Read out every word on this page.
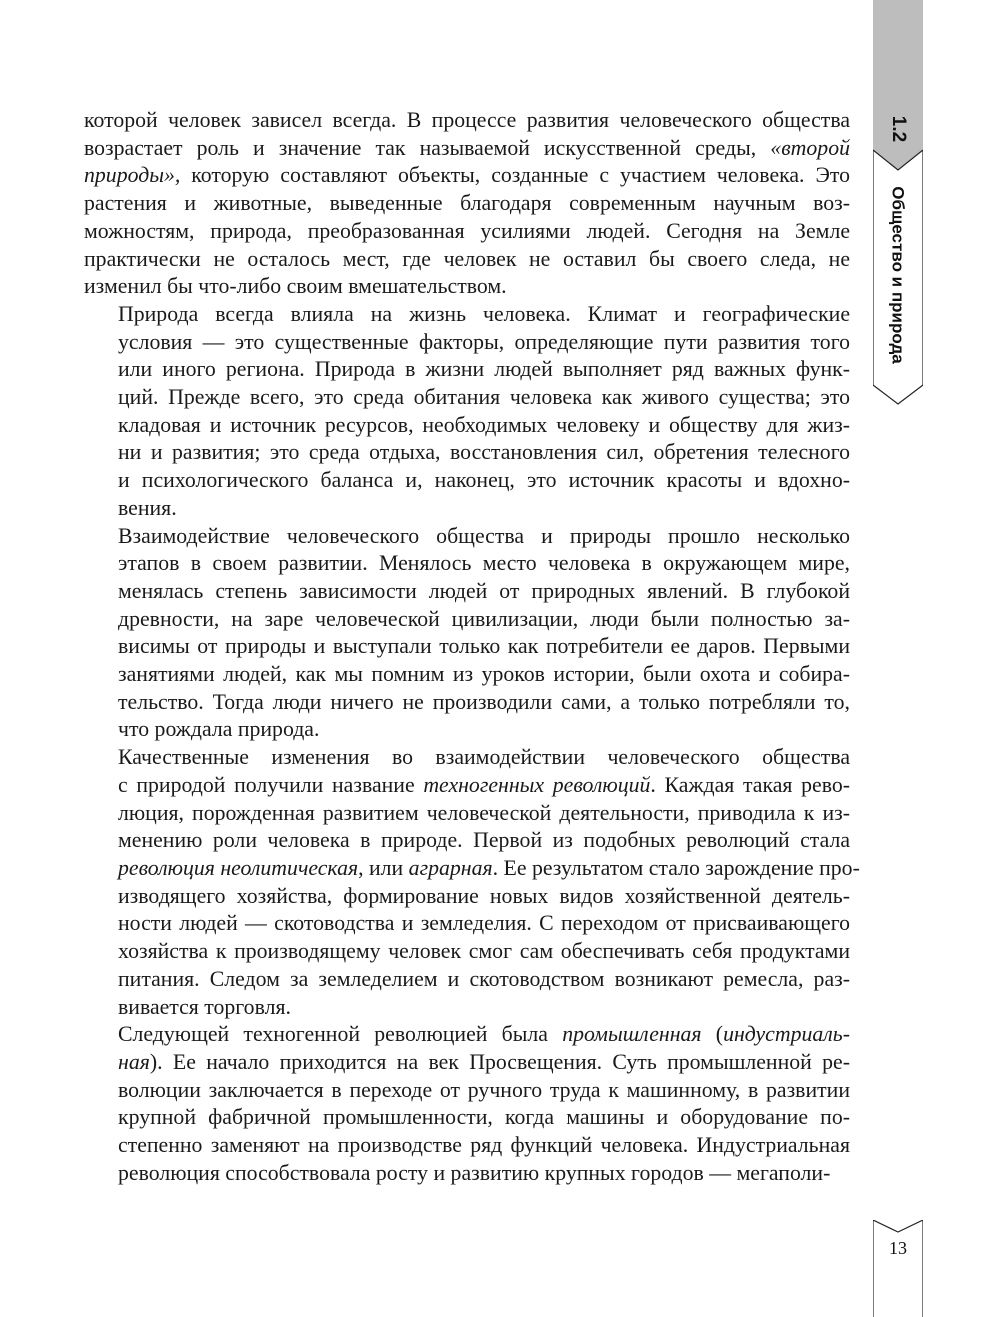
1.2
Общество и природа

которой человек зависел всегда. В процессе развития человеческого общества
возрастает роль и значение так называемой искусственной среды, «второй
природы», которую составляют объекты, созданные с участием человека. Это
растения и животные, выведенные благодаря современным научным воз-
можностям, природа, преобразованная усилиями людей. Сегодня на Земле
практически не осталось мест, где человек не оставил бы своего следа, не
изменил бы что-либо своим вмешательством.

Природа всегда влияла на жизнь человека. Климат и географические
условия — это существенные факторы, определяющие пути развития того
или иного региона. Природа в жизни людей выполняет ряд важных функ-
ций. Прежде всего, это среда обитания человека как живого существа; это
кладовая и источник ресурсов, необходимых человеку и обществу для жиз-
ни и развития; это среда отдыха, восстановления сил, обретения телесного
и психологического баланса и, наконец, это источник красоты и вдохно-
вения.

Взаимодействие человеческого общества и природы прошло несколько
этапов в своем развитии. Менялось место человека в окружающем мире,
менялась степень зависимости людей от природных явлений. В глубокой
древности, на заре человеческой цивилизации, люди были полностью за-
висимы от природы и выступали только как потребители ее даров. Первыми
занятиями людей, как мы помним из уроков истории, были охота и собира-
тельство. Тогда люди ничего не производили сами, а только потребляли то,
что рождала природа.

Качественные изменения во взаимодействии человеческого общества
с природой получили название техногенных революций. Каждая такая рево-
люция, порожденная развитием человеческой деятельности, приводила к из-
менению роли человека в природе. Первой из подобных революций стала
революция неолитическая, или аграрная. Ее результатом стало зарождение про-
изводящего хозяйства, формирование новых видов хозяйственной деятель-
ности людей — скотоводства и земледелия. С переходом от присваивающего
хозяйства к производящему человек смог сам обеспечивать себя продуктами
питания. Следом за земледелием и скотоводством возникают ремесла, раз-
вивается торговля.

Следующей техногенной революцией была промышленная (индустриаль-
ная). Ее начало приходится на век Просвещения. Суть промышленной ре-
волюции заключается в переходе от ручного труда к машинному, в развитии
крупной фабричной промышленности, когда машины и оборудование по-
степенно заменяют на производстве ряд функций человека. Индустриальная
революция способствовала росту и развитию крупных городов — мегаполи-

13
